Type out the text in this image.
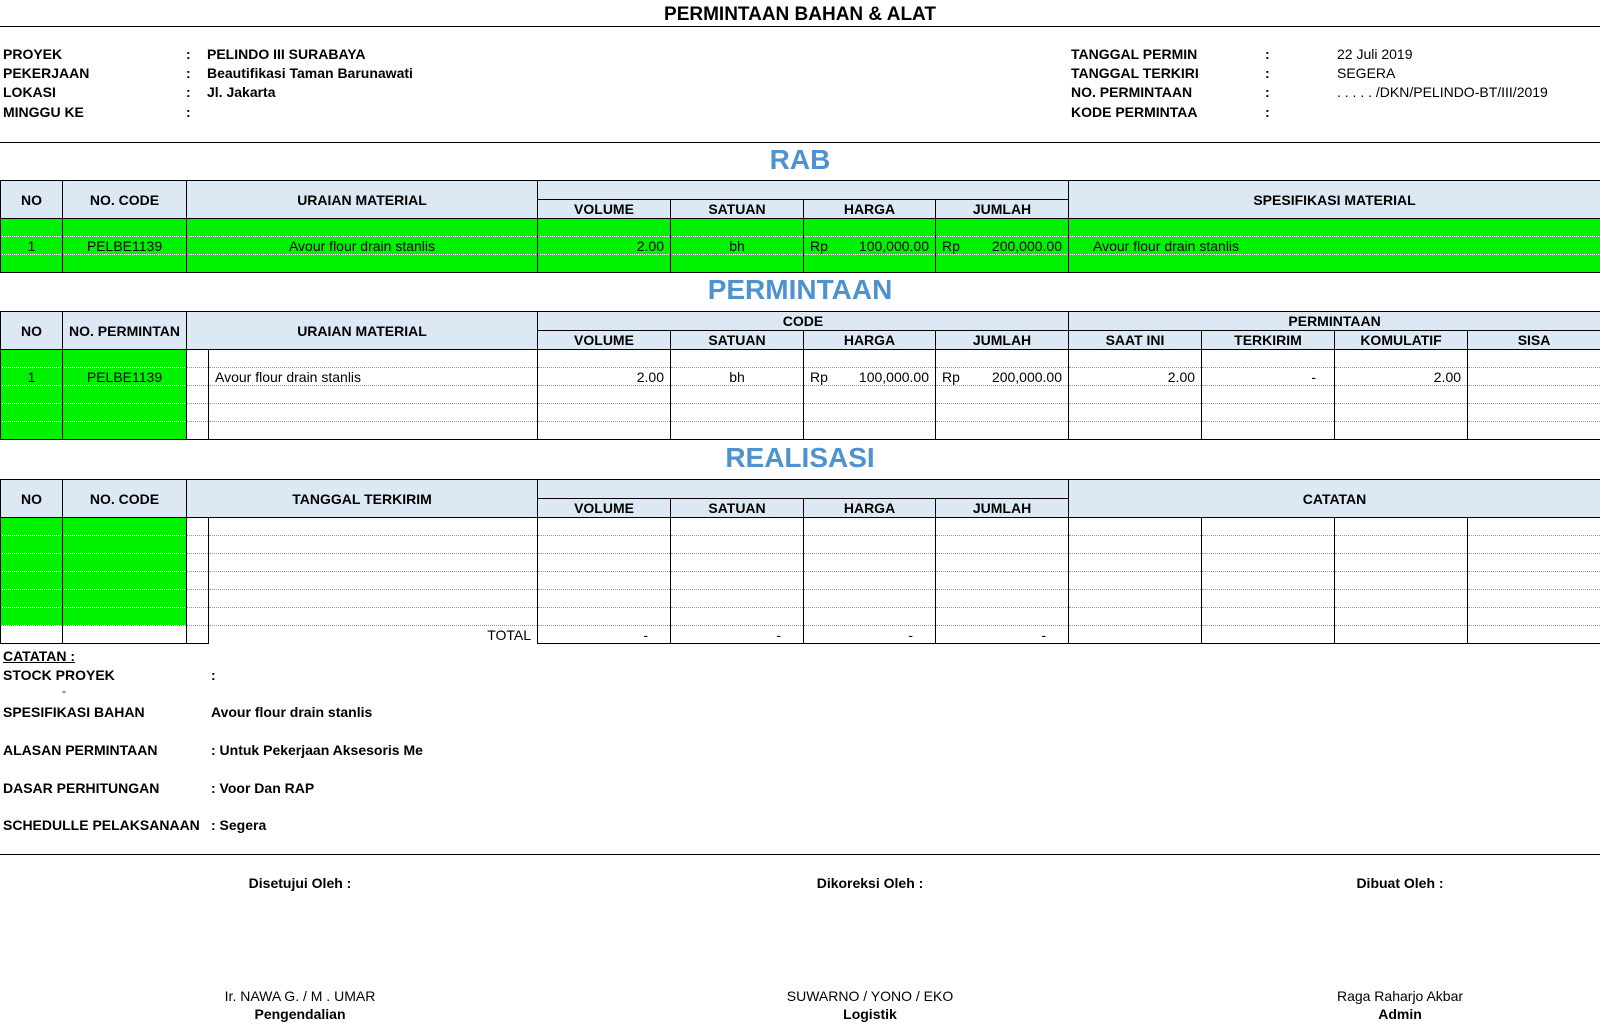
PERMINTAAN BAHAN & ALAT
PROYEK	: PELINDO III SURABAYA
PEKERJAAN	: Beautifikasi Taman Barunawati
LOKASI	: Jl. Jakarta
MINGGU KE	:
TANGGAL PERMIN	:	22 Juli 2019
TANGGAL TERKIRI	:	SEGERA
NO. PERMINTAAN	:	. . . . . /DKN/PELINDO-BT/III/2019
KODE PERMINTAA	:
RAB
NO	NO. CODE	URAIAN MATERIAL					SPESIFIKASI MATERIAL
			VOLUME	SATUAN	HARGA	JUMLAH	

1	PELBE1139	Avour flour drain stanlis	2.00	bh	Rp 100,000.00	Rp 200,000.00	Avour flour drain stanlis

PERMINTAAN
NO	NO. PERMINTAN	URAIAN MATERIAL		CODE				PERMINTAAN			
				VOLUME	SATUAN	HARGA	JUMLAH	SAAT INI	TERKIRIM	KOMULATIF	SISA

1	PELBE1139		Avour flour drain stanlis	2.00	bh	Rp 100,000.00	Rp 200,000.00	2.00	-	2.00	

REALISASI
NO	NO. CODE	TANGGAL TERKIRIM						CATATAN			
				VOLUME	SATUAN	HARGA	JUMLAH				

			TOTAL	-	-	-	-				
CATATAN :
STOCK PROYEK	:
-
SPESIFIKASI BAHAN	Avour flour drain stanlis
ALASAN PERMINTAAN	: Untuk Pekerjaan Aksesoris Me
DASAR PERHITUNGAN	: Voor Dan RAP
SCHEDULLE PELAKSANAAN : Segera
Disetujui Oleh :	Dikoreksi Oleh :	Dibuat Oleh :
Ir. NAWA G. / M . UMAR	SUWARNO / YONO / EKO	Raga Raharjo Akbar
Pengendalian	Logistik	Admin
